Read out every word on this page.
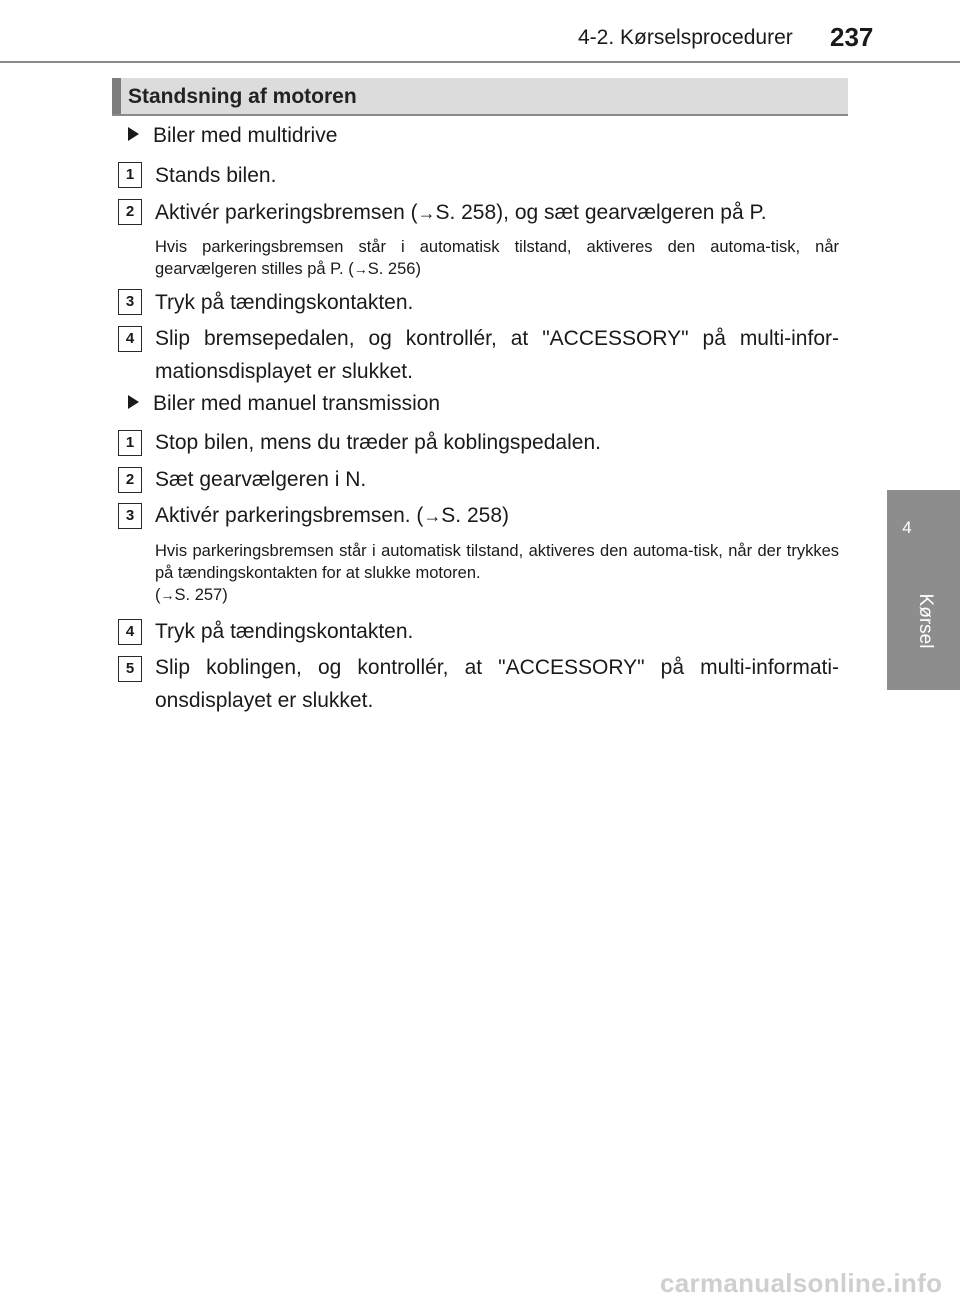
4-2. Kørselsprocedurer 237
4
Kørsel
Standsning af motoren
Biler med multidrive
1 Stands bilen.
2 Aktivér parkeringsbremsen (→S. 258), og sæt gearvælgeren på P.
Hvis parkeringsbremsen står i automatisk tilstand, aktiveres den automa-tisk, når gearvælgeren stilles på P. (→S. 256)
3 Tryk på tændingskontakten.
4 Slip bremsepedalen, og kontrollér, at "ACCESSORY" på multi-infor-mationsdisplayet er slukket.
Biler med manuel transmission
1 Stop bilen, mens du træder på koblingspedalen.
2 Sæt gearvælgeren i N.
3 Aktivér parkeringsbremsen. (→S. 258)
Hvis parkeringsbremsen står i automatisk tilstand, aktiveres den automa-tisk, når der trykkes på tændingskontakten for at slukke motoren.
(→S. 257)
4 Tryk på tændingskontakten.
5 Slip koblingen, og kontrollér, at "ACCESSORY" på multi-informati-onsdisplayet er slukket.
carmanualsonline.info
